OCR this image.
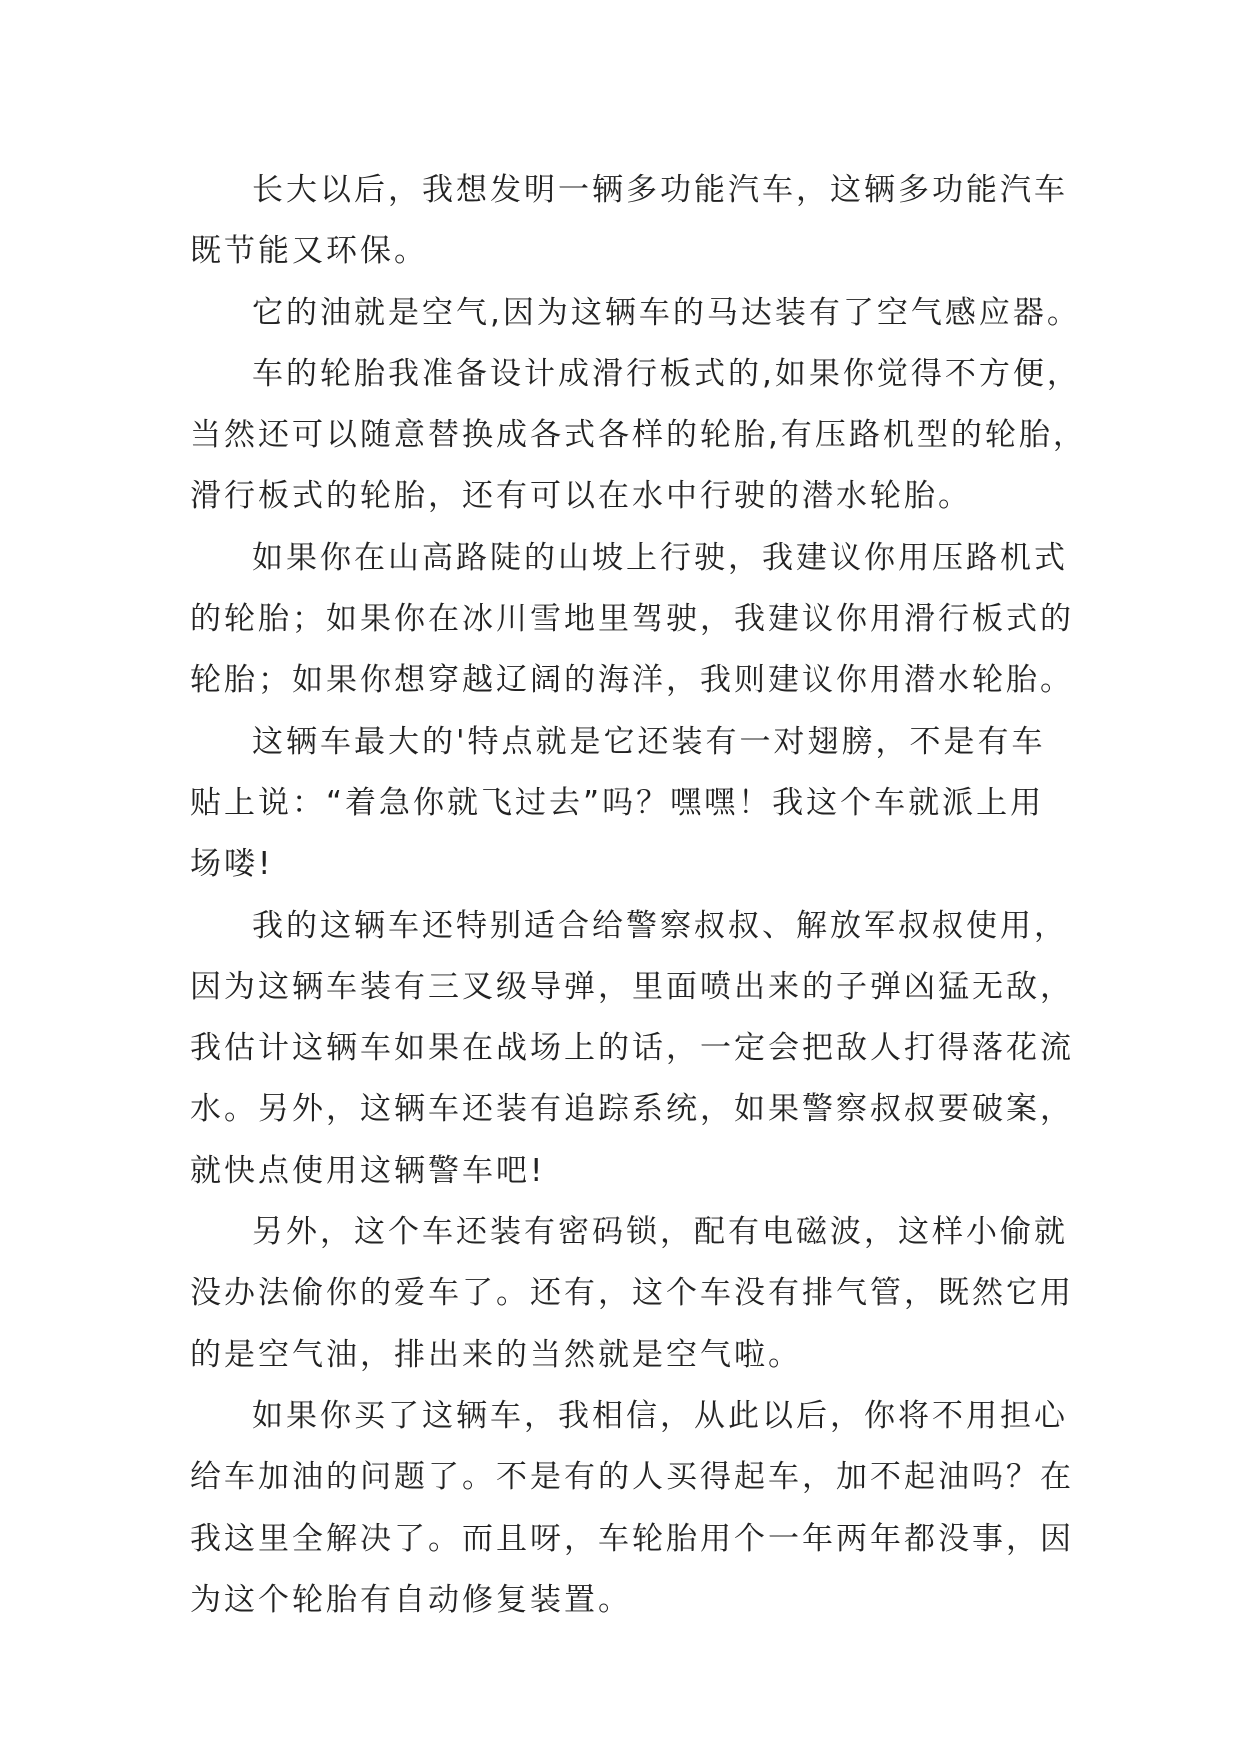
长大以后，我想发明一辆多功能汽车，这辆多功能汽车
既节能又环保。

它的油就是空气,因为这辆车的马达装有了空气感应器。

车的轮胎我准备设计成滑行板式的,如果你觉得不方便，
当然还可以随意替换成各式各样的轮胎,有压路机型的轮胎，
滑行板式的轮胎，还有可以在水中行驶的潜水轮胎。

如果你在山高路陡的山坡上行驶，我建议你用压路机式
的轮胎；如果你在冰川雪地里驾驶，我建议你用滑行板式的
轮胎；如果你想穿越辽阔的海洋，我则建议你用潜水轮胎。

这辆车最大的'特点就是它还装有一对翅膀，不是有车
贴上说：“着急你就飞过去”吗？嘿嘿！我这个车就派上用
场喽!

我的这辆车还特别适合给警察叔叔、解放军叔叔使用，
因为这辆车装有三叉级导弹，里面喷出来的子弹凶猛无敌，
我估计这辆车如果在战场上的话，一定会把敌人打得落花流
水。另外，这辆车还装有追踪系统，如果警察叔叔要破案，
就快点使用这辆警车吧!

另外，这个车还装有密码锁，配有电磁波，这样小偷就
没办法偷你的爱车了。还有，这个车没有排气管，既然它用
的是空气油，排出来的当然就是空气啦。

如果你买了这辆车，我相信，从此以后，你将不用担心
给车加油的问题了。不是有的人买得起车，加不起油吗？在
我这里全解决了。而且呀，车轮胎用个一年两年都没事，因
为这个轮胎有自动修复装置。
